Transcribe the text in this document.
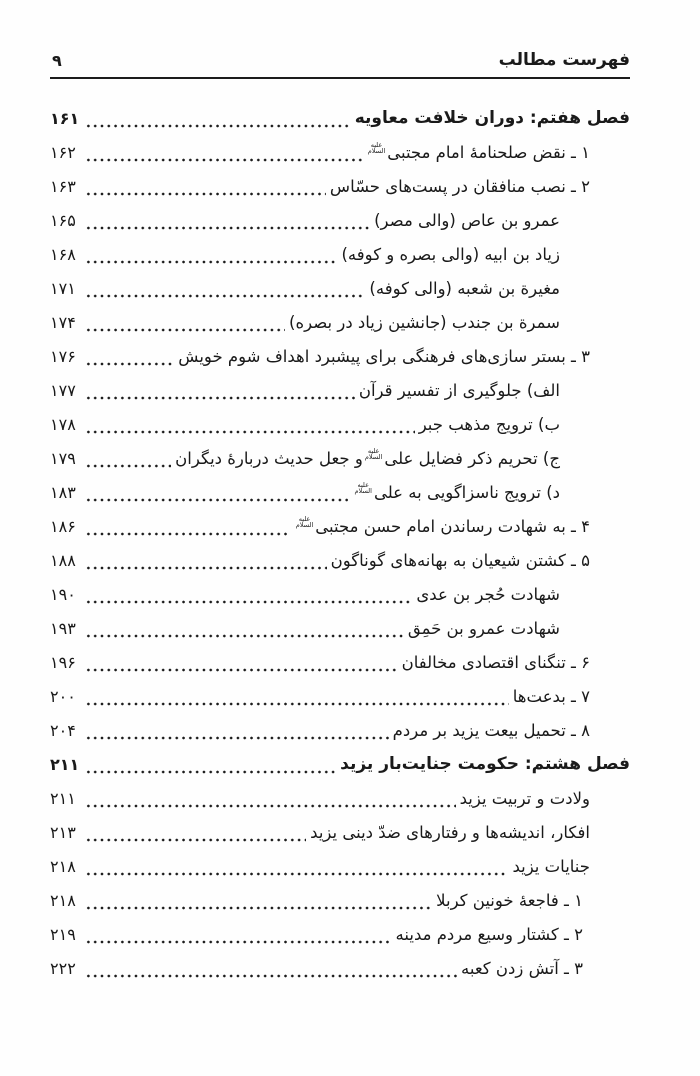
فهرست مطالب
۹
فصل هفتم: دوران خلافت معاویه
۱۶۱
۱ ـ نقض صلحنامۀ امام مجتبی
علیه
السلام
۱۶۲
۲ ـ نصب منافقان در پست‌های حسّاس
۱۶۳
عمرو بن عاص (والی مصر)
۱۶۵
زیاد بن ابیه (والی بصره و کوفه)
۱۶۸
مغیرة بن شعبه (والی کوفه)
۱۷۱
سمرة بن جندب (جانشین زیاد در بصره)
۱۷۴
۳ ـ بستر سازی‌های فرهنگی برای پیشبرد اهداف شوم خویش
۱۷۶
الف) جلوگیری از تفسیر قرآن
۱۷۷
ب) ترویج مذهب جبر
۱۷۸
ج) تحریم ذکر فضایل علی
علیه
السلام
و جعل حدیث دربارۀ دیگران
۱۷۹
د) ترویج ناسزاگویی به علی
علیه
السلام
۱۸۳
۴ ـ به شهادت رساندن امام حسن مجتبی
علیه
السلام
۱۸۶
۵ ـ کشتن شیعیان به بهانه‌های گوناگون
۱۸۸
شهادت حُجر بن عدی
۱۹۰
شهادت عمرو بن حَمِق
۱۹۳
۶ ـ تنگنای اقتصادی مخالفان
۱۹۶
۷ ـ بدعت‌ها
۲۰۰
۸ ـ تحمیل بیعت یزید بر مردم
۲۰۴
فصل هشتم: حکومت جنایت‌بار یزید
۲۱۱
ولادت و تربیت یزید
۲۱۱
افکار، اندیشه‌ها و رفتارهای ضدّ دینی یزید
۲۱۳
جنایات یزید
۲۱۸
۱ ـ فاجعۀ خونین کربلا
۲۱۸
۲ ـ کشتار وسیع مردم مدینه
۲۱۹
۳ ـ آتش زدن کعبه
۲۲۲
